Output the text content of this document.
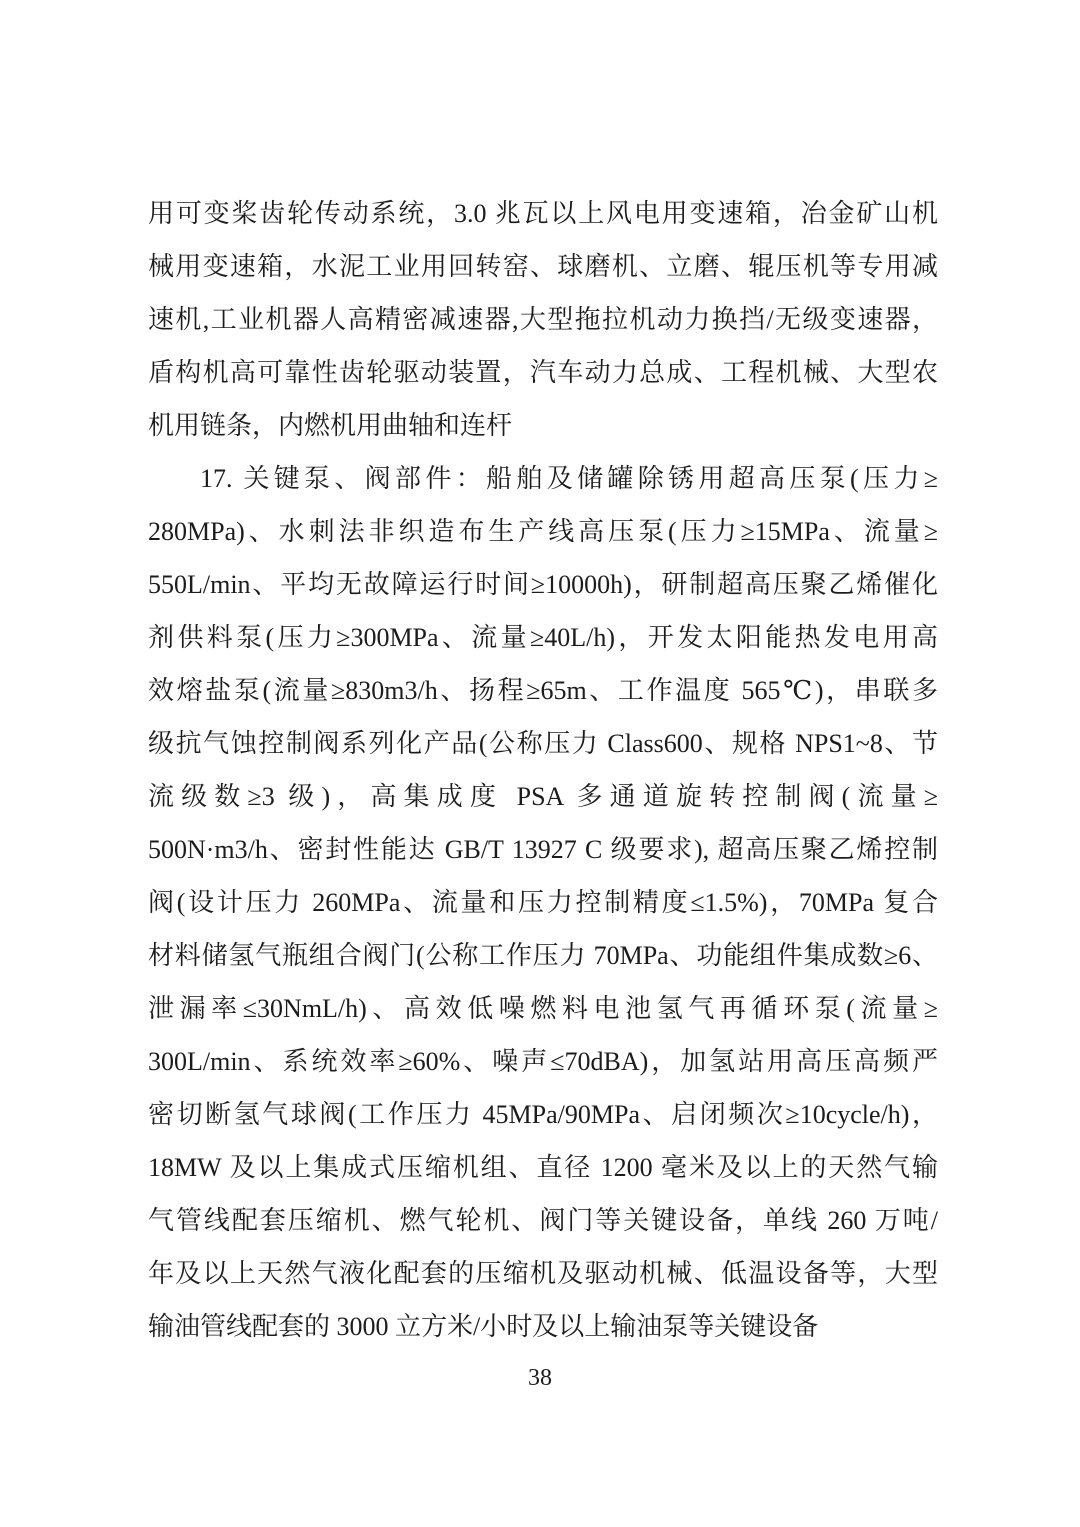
用可变桨齿轮传动系统，3.0 兆瓦以上风电用变速箱，冶金矿山机
械用变速箱，水泥工业用回转窑、球磨机、立磨、辊压机等专用减
速机,工业机器人高精密减速器,大型拖拉机动力换挡/无级变速器，
盾构机高可靠性齿轮驱动装置，汽车动力总成、工程机械、大型农
机用链条，内燃机用曲轴和连杆
17. 关键泵、阀部件：船舶及储罐除锈用超高压泵(压力≥
280MPa)、水刺法非织造布生产线高压泵(压力≥15MPa、流量≥
550L/min、平均无故障运行时间≥10000h)，研制超高压聚乙烯催化
剂供料泵(压力≥300MPa、流量≥40L/h)，开发太阳能热发电用高
效熔盐泵(流量≥830m3/h、扬程≥65m、工作温度 565℃)，串联多
级抗气蚀控制阀系列化产品(公称压力 Class600、规格 NPS1~8、节
流级数≥3 级)，高集成度 PSA 多通道旋转控制阀(流量≥
500N·m3/h、密封性能达 GB/T 13927 C 级要求), 超高压聚乙烯控制
阀(设计压力 260MPa、流量和压力控制精度≤1.5%)，70MPa 复合
材料储氢气瓶组合阀门(公称工作压力 70MPa、功能组件集成数≥6、
泄漏率≤30NmL/h)、高效低噪燃料电池氢气再循环泵(流量≥
300L/min、系统效率≥60%、噪声≤70dBA)，加氢站用高压高频严
密切断氢气球阀(工作压力 45MPa/90MPa、启闭频次≥10cycle/h)，
18MW 及以上集成式压缩机组、直径 1200 毫米及以上的天然气输
气管线配套压缩机、燃气轮机、阀门等关键设备，单线 260 万吨/
年及以上天然气液化配套的压缩机及驱动机械、低温设备等，大型
输油管线配套的 3000 立方米/小时及以上输油泵等关键设备
38
